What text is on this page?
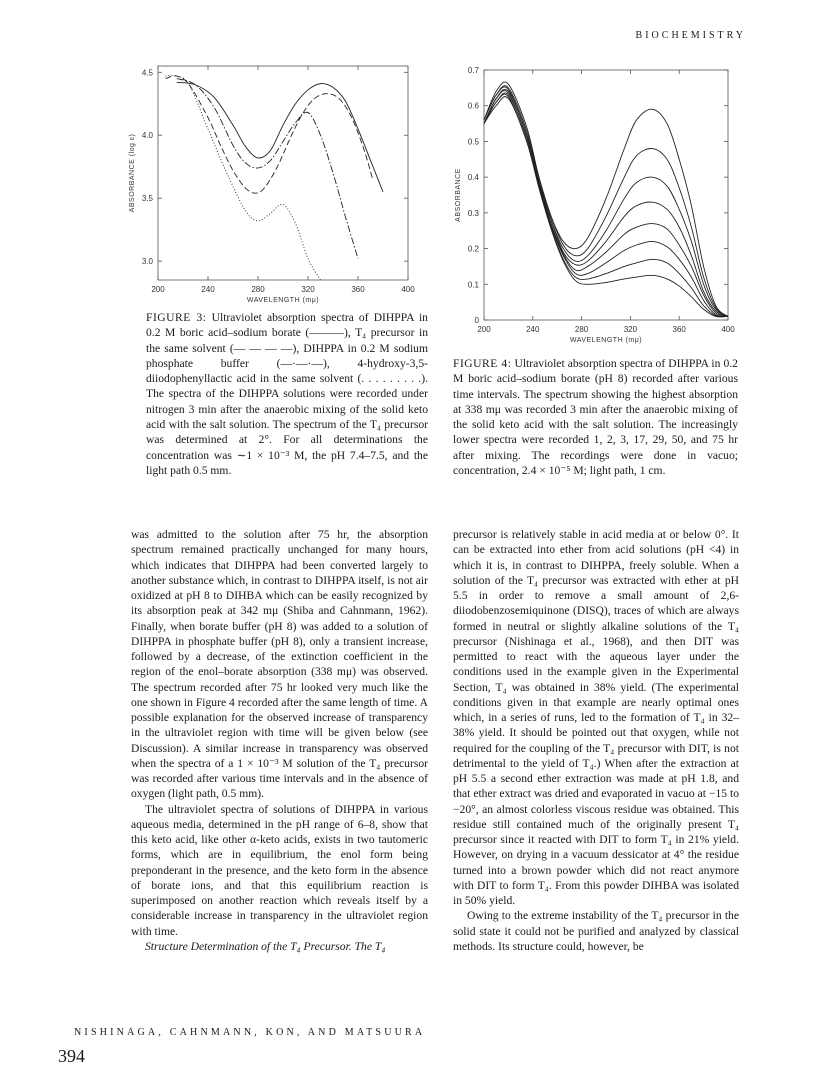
BIOCHEMISTRY
200	240	280	320	360	400
3.0
3.5
4.0
4.5
WAVELENGTH (mμ)
ABSORBANCE (log ε)
200	240	280	320	360	400
0
0.1
0.2
0.3
0.4
0.5
0.6
0.7
WAVELENGTH (mμ)
ABSORBANCE

FIGURE 3: Ultraviolet absorption spectra of DIHPPA in 0.2 M boric acid–sodium borate (———), T₄ precursor in the same solvent (— — — —), DIHPPA in 0.2 M sodium phosphate buffer (—·—·—), 4-hydroxy-3,5-diiodophenyllactic acid in the same solvent (. . . . . . . . .). The spectra of the DIHPPA solutions were recorded under nitrogen 3 min after the anaerobic mixing of the solid keto acid with the salt solution. The spectrum of the T₄ precursor was determined at 2°. For all determinations the concentration was ∼1 × 10⁻³ M, the pH 7.4–7.5, and the light path 0.5 mm.

FIGURE 4: Ultraviolet absorption spectra of DIHPPA in 0.2 M boric acid–sodium borate (pH 8) recorded after various time intervals. The spectrum showing the highest absorption at 338 mμ was recorded 3 min after the anaerobic mixing of the solid keto acid with the salt solution. The increasingly lower spectra were recorded 1, 2, 3, 17, 29, 50, and 75 hr after mixing. The recordings were done in vacuo; concentration, 2.4 × 10⁻⁵ M; light path, 1 cm.

was admitted to the solution after 75 hr, the absorption spectrum remained practically unchanged for many hours, which indicates that DIHPPA had been converted largely to another substance which, in contrast to DIHPPA itself, is not air oxidized at pH 8 to DIHBA which can be easily recognized by its absorption peak at 342 mμ (Shiba and Cahnmann, 1962). Finally, when borate buffer (pH 8) was added to a solution of DIHPPA in phosphate buffer (pH 8), only a transient increase, followed by a decrease, of the extinction coefficient in the region of the enol–borate absorption (338 mμ) was observed. The spectrum recorded after 75 hr looked very much like the one shown in Figure 4 recorded after the same length of time. A possible explanation for the observed increase of transparency in the ultraviolet region with time will be given below (see Discussion). A similar increase in transparency was observed when the spectra of a 1 × 10⁻³ M solution of the T₄ precursor was recorded after various time intervals and in the absence of oxygen (light path, 0.5 mm).

The ultraviolet spectra of solutions of DIHPPA in various aqueous media, determined in the pH range of 6–8, show that this keto acid, like other α-keto acids, exists in two tautomeric forms, which are in equilibrium, the enol form being preponderant in the presence, and the keto form in the absence of borate ions, and that this equilibrium reaction is superimposed on another reaction which reveals itself by a considerable increase in transparency in the ultraviolet region with time.

Structure Determination of the T₄ Precursor. The T₄

precursor is relatively stable in acid media at or below 0°. It can be extracted into ether from acid solutions (pH <4) in which it is, in contrast to DIHPPA, freely soluble. When a solution of the T₄ precursor was extracted with ether at pH 5.5 in order to remove a small amount of 2,6-diiodobenzosemiquinone (DISQ), traces of which are always formed in neutral or slightly alkaline solutions of the T₄ precursor (Nishinaga et al., 1968), and then DIT was permitted to react with the aqueous layer under the conditions used in the example given in the Experimental Section, T₄ was obtained in 38% yield. (The experimental conditions given in that example are nearly optimal ones which, in a series of runs, led to the formation of T₄ in 32–38% yield. It should be pointed out that oxygen, while not required for the coupling of the T₄ precursor with DIT, is not detrimental to the yield of T₄.) When after the extraction at pH 5.5 a second ether extraction was made at pH 1.8, and that ether extract was dried and evaporated in vacuo at −15 to −20°, an almost colorless viscous residue was obtained. This residue still contained much of the originally present T₄ precursor since it reacted with DIT to form T₄ in 21% yield. However, on drying in a vacuum dessicator at 4° the residue turned into a brown powder which did not react anymore with DIT to form T₄. From this powder DIHBA was isolated in 50% yield.

Owing to the extreme instability of the T₄ precursor in the solid state it could not be purified and analyzed by classical methods. Its structure could, however, be

394
NISHINAGA, CAHNMANN, KON, AND MATSUURA
